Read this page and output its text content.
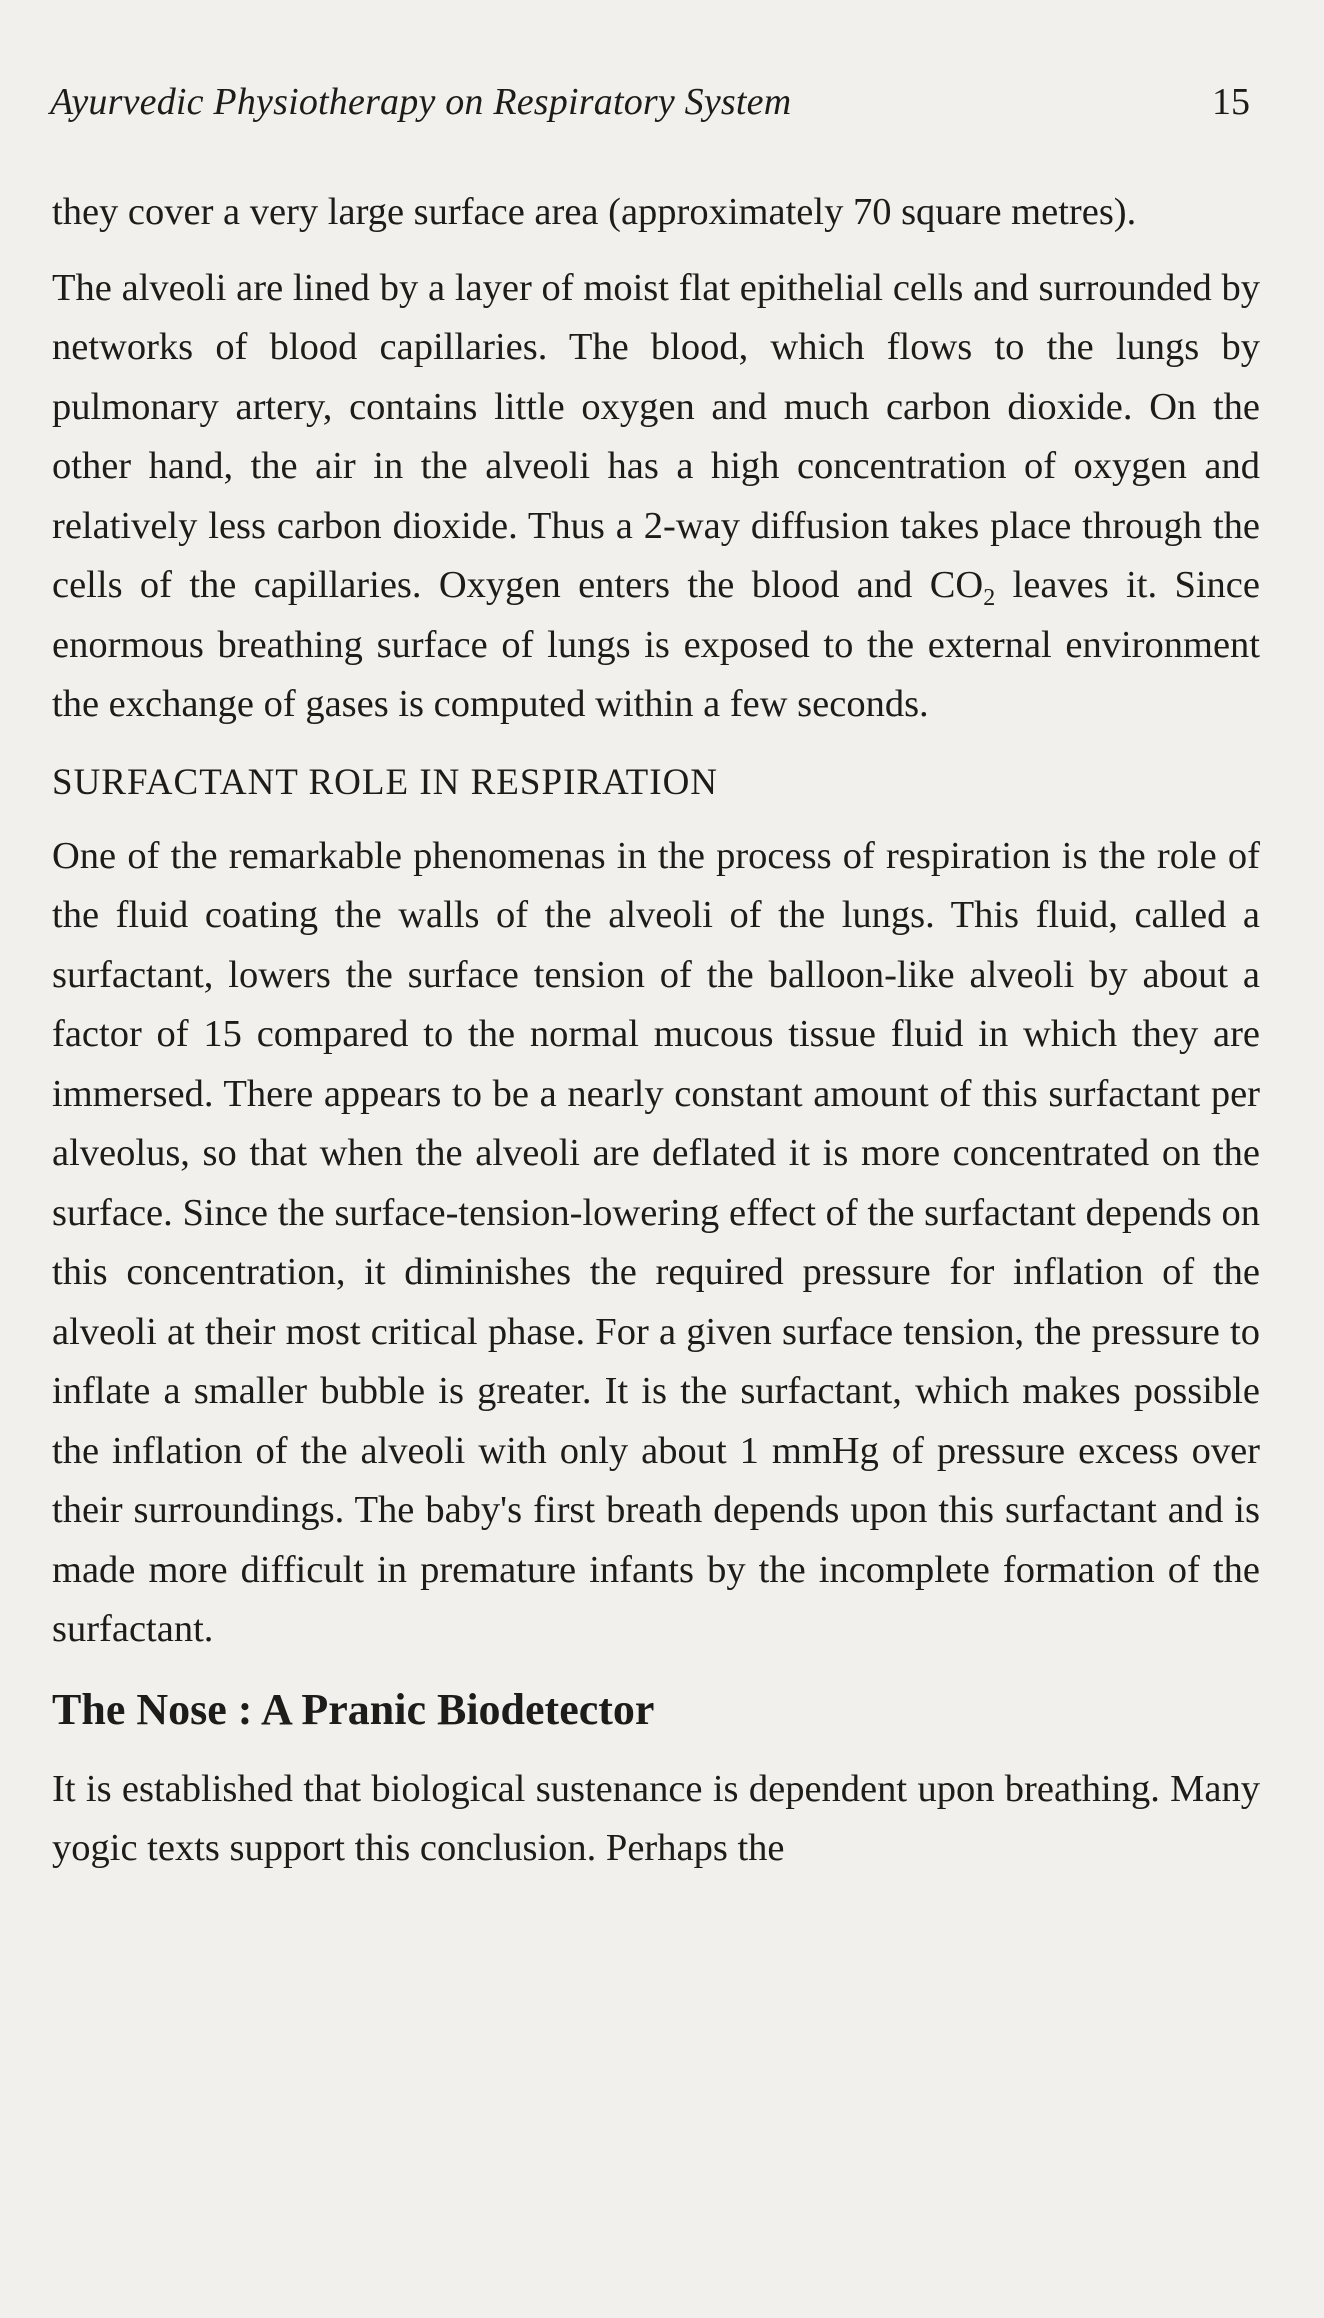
Ayurvedic Physiotherapy on Respiratory System	15

they cover a very large surface area (approximately 70 square metres).

The alveoli are lined by a layer of moist flat epithelial cells and surrounded by networks of blood capillaries. The blood, which flows to the lungs by pulmonary artery, contains little oxygen and much carbon dioxide. On the other hand, the air in the alveoli has a high concentration of oxygen and relatively less carbon dioxide. Thus a 2-way diffusion takes place through the cells of the capillaries. Oxygen enters the blood and $CO_2$ leaves it. Since enormous breathing surface of lungs is exposed to the external environment the exchange of gases is computed within a few seconds.

SURFACTANT ROLE IN RESPIRATION

One of the remarkable phenomenas in the process of respiration is the role of the fluid coating the walls of the alveoli of the lungs. This fluid, called a surfactant, lowers the surface tension of the balloon-like alveoli by about a factor of 15 compared to the normal mucous tissue fluid in which they are immersed. There appears to be a nearly constant amount of this surfactant per alveolus, so that when the alveoli are deflated it is more concentrated on the surface. Since the surface-tension-lowering effect of the surfactant depends on this concentration, it diminishes the required pressure for inflation of the alveoli at their most critical phase. For a given surface tension, the pressure to inflate a smaller bubble is greater. It is the surfactant, which makes possible the inflation of the alveoli with only about 1 mmHg of pressure excess over their surroundings. The baby's first breath depends upon this surfactant and is made more difficult in premature infants by the incomplete formation of the surfactant.

The Nose : A Pranic Biodetector

It is established that biological sustenance is dependent upon breathing. Many yogic texts support this conclusion. Perhaps the
